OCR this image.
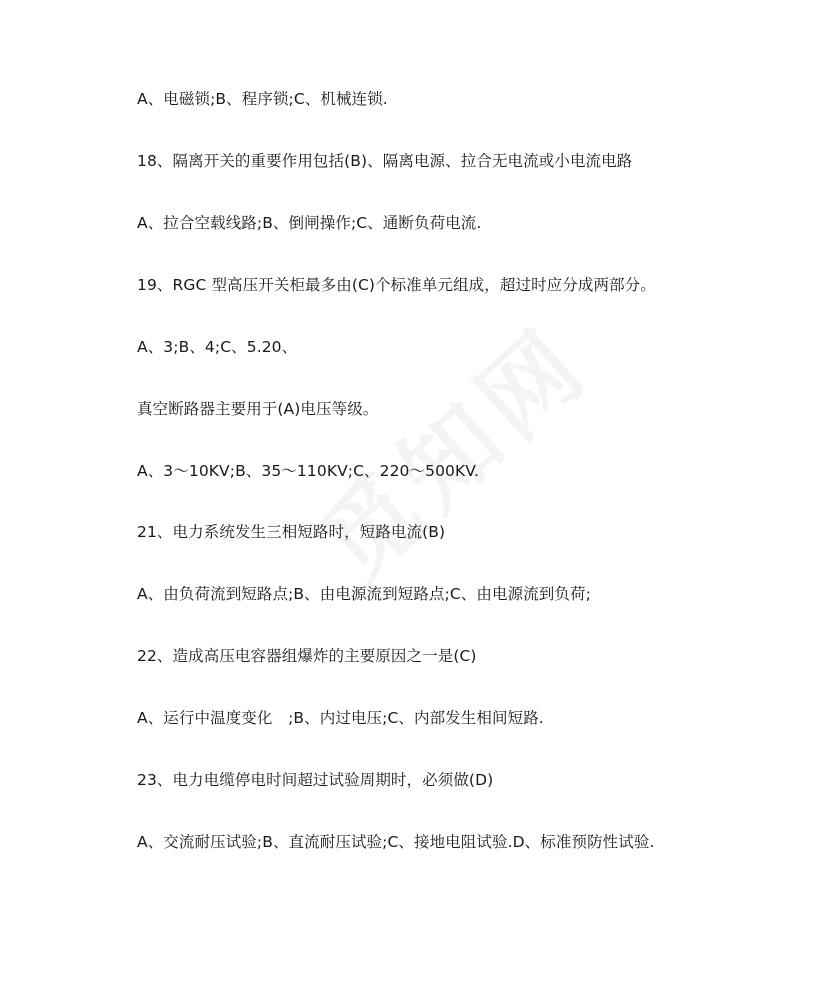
A、电磁锁;B、程序锁;C、机械连锁.
18、隔离开关的重要作用包括(B)、隔离电源、拉合无电流或小电流电路
A、拉合空载线路;B、倒闸操作;C、通断负荷电流.
19、RGC 型高压开关柜最多由(C)个标准单元组成，超过时应分成两部分。
A、3;B、4;C、5.20、
真空断路器主要用于(A)电压等级。
A、3～10KV;B、35～110KV;C、220～500KV.
21、电力系统发生三相短路时，短路电流(B)
A、由负荷流到短路点;B、由电源流到短路点;C、由电源流到负荷;
22、造成高压电容器组爆炸的主要原因之一是(C)
A、运行中温度变化　;B、内过电压;C、内部发生相间短路.
23、电力电缆停电时间超过试验周期时，必须做(D)
A、交流耐压试验;B、直流耐压试验;C、接地电阻试验.D、标准预防性试验.
